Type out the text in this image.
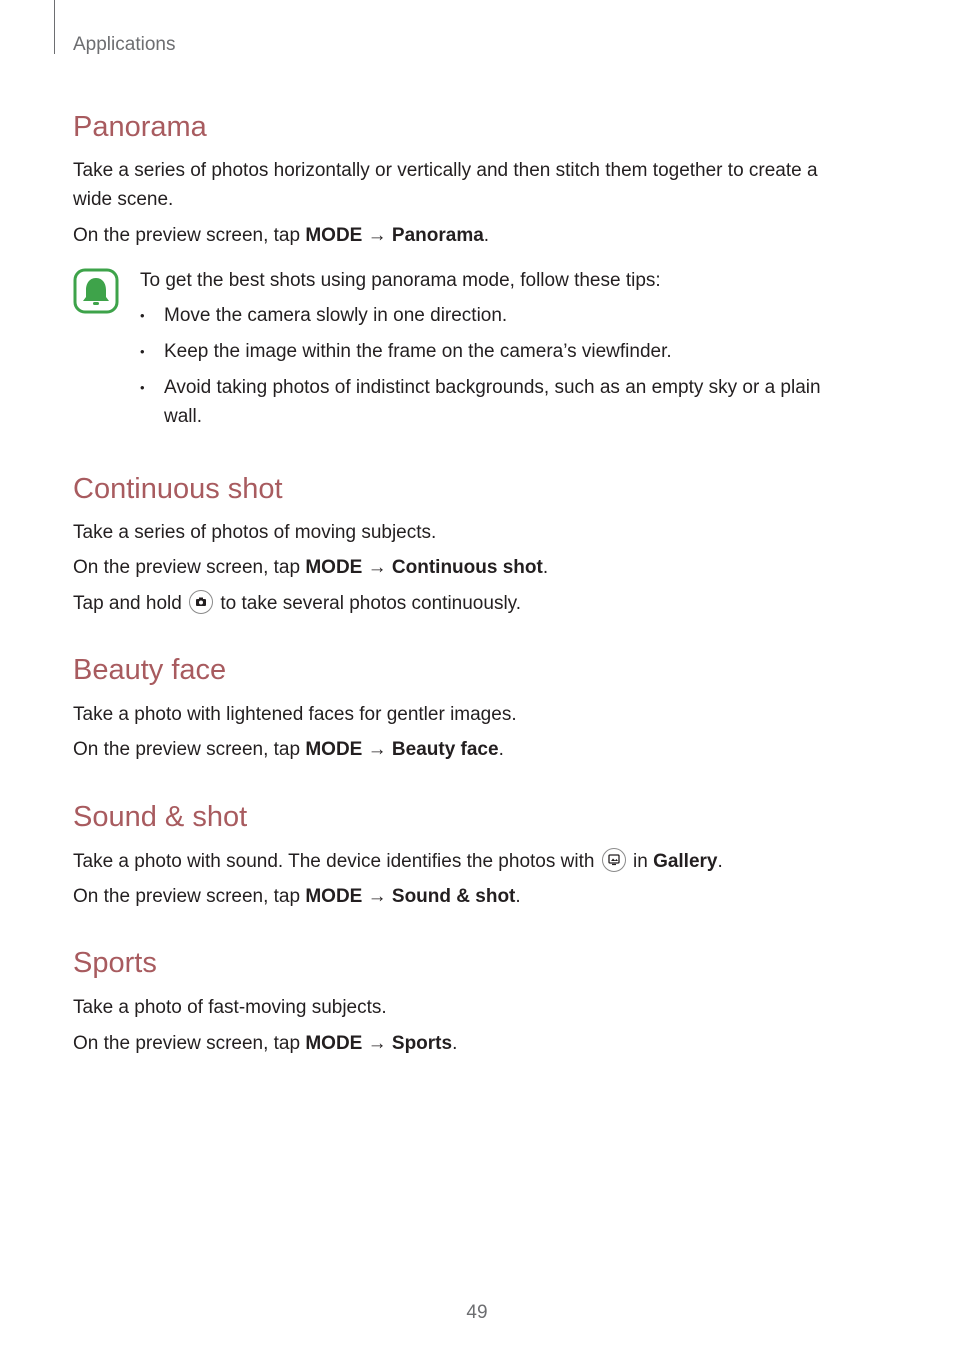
Applications
Panorama

Take a series of photos horizontally or vertically and then stitch them together to create a wide scene.

On the preview screen, tap MODE → Panorama.

To get the best shots using panorama mode, follow these tips:

• Move the camera slowly in one direction.
• Keep the image within the frame on the camera’s viewfinder.
• Avoid taking photos of indistinct backgrounds, such as an empty sky or a plain wall.
Continuous shot

Take a series of photos of moving subjects.

On the preview screen, tap MODE → Continuous shot.

Tap and hold
to take several photos continuously.

Beauty face

Take a photo with lightened faces for gentler images.

On the preview screen, tap MODE → Beauty face.

Sound & shot

Take a photo with sound. The device identifies the photos with
in Gallery.

On the preview screen, tap MODE → Sound & shot.

Sports

Take a photo of fast-moving subjects.

On the preview screen, tap MODE → Sports.

49
